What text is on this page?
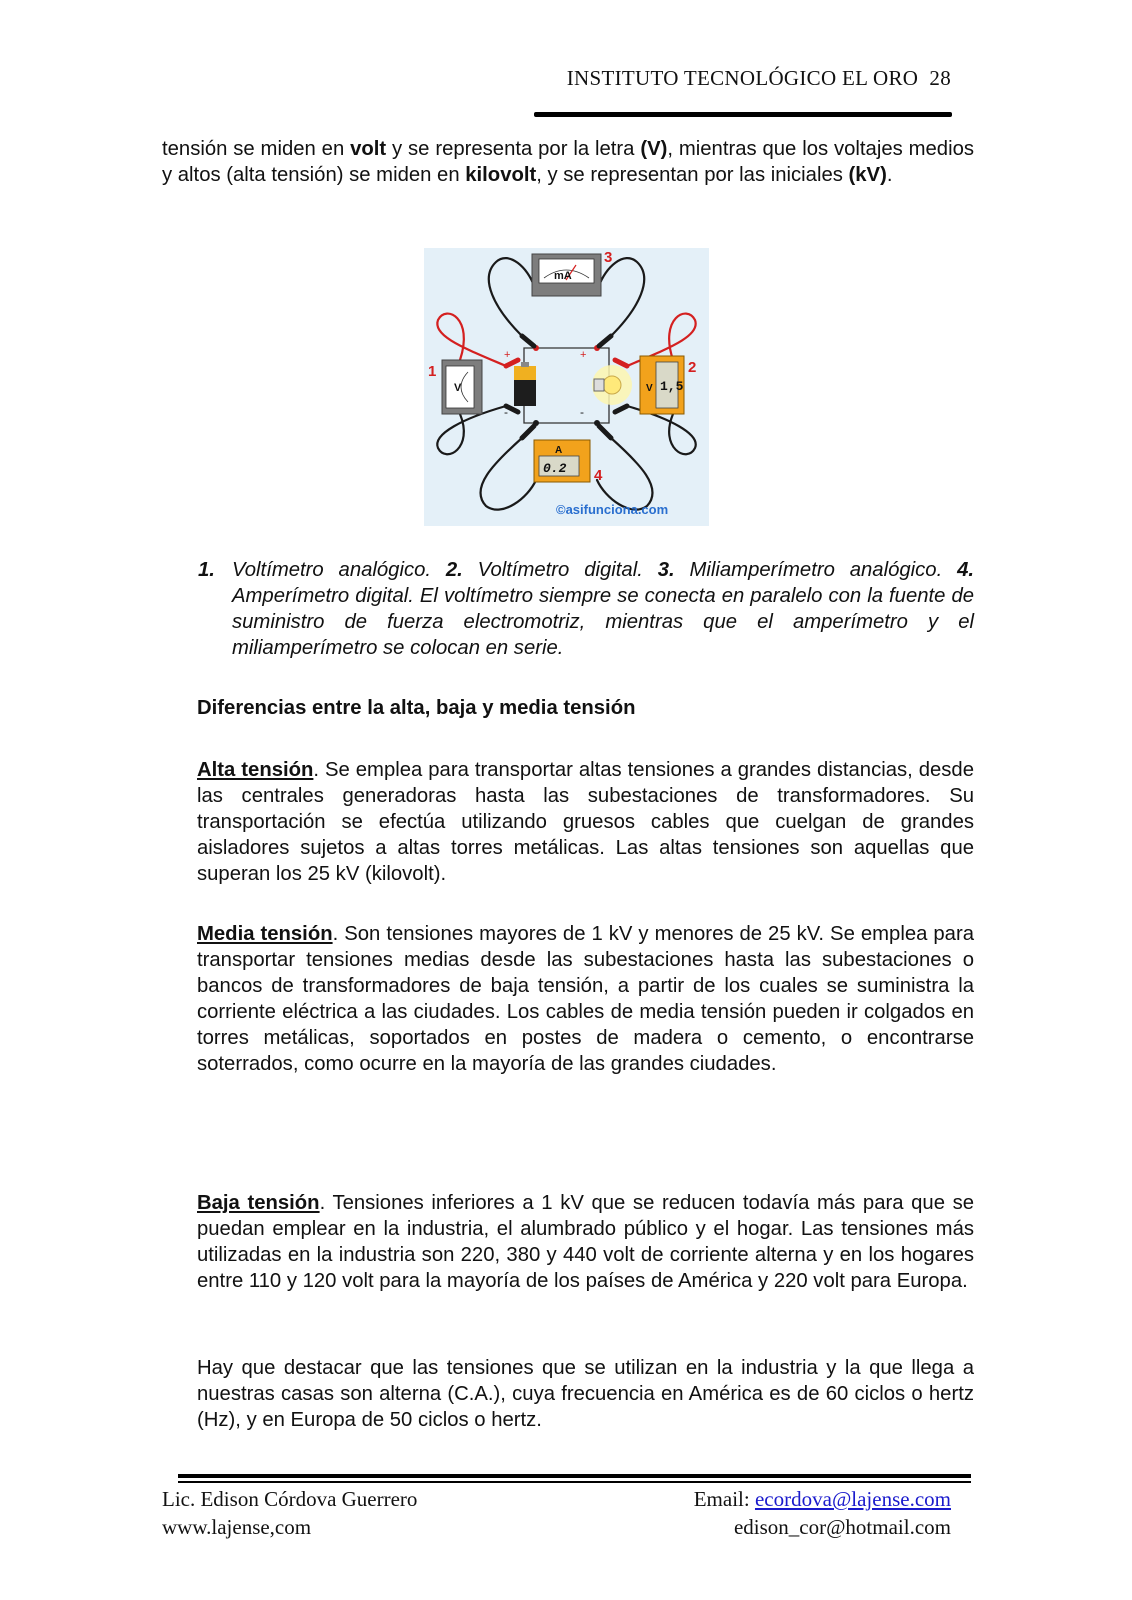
INSTITUTO TECNOLÓGICO EL ORO 28
tensión se miden en volt y se representa por la letra (V), mientras que los voltajes medios y altos (alta tensión) se miden en kilovolt, y se representan por las iniciales (kV).
+
-
+
-
mA
3
V
1
V 1,5
2
A
0.2 4
©asifunciona.com
1. Voltímetro analógico. 2. Voltímetro digital. 3. Miliamperímetro analógico. 4. Amperímetro digital. El voltímetro siempre se conecta en paralelo con la fuente de suministro de fuerza electromotriz, mientras que el amperímetro y el miliamperímetro se colocan en serie.
Diferencias entre la alta, baja y media tensión
Alta tensión. Se emplea para transportar altas tensiones a grandes distancias, desde las centrales generadoras hasta las subestaciones de transformadores. Su transportación se efectúa utilizando gruesos cables que cuelgan de grandes aisladores sujetos a altas torres metálicas. Las altas tensiones son aquellas que superan los 25 kV (kilovolt).
Media tensión. Son tensiones mayores de 1 kV y menores de 25 kV. Se emplea para transportar tensiones medias desde las subestaciones hasta las subestaciones o bancos de transformadores de baja tensión, a partir de los cuales se suministra la corriente eléctrica a las ciudades. Los cables de media tensión pueden ir colgados en torres metálicas, soportados en postes de madera o cemento, o encontrarse soterrados, como ocurre en la mayoría de las grandes ciudades.
Baja tensión. Tensiones inferiores a 1 kV que se reducen todavía más para que se puedan emplear en la industria, el alumbrado público y el hogar. Las tensiones más utilizadas en la industria son 220, 380 y 440 volt de corriente alterna y en los hogares entre 110 y 120 volt para la mayoría de los países de América y 220 volt para Europa.
Hay que destacar que las tensiones que se utilizan en la industria y la que llega a nuestras casas son alterna (C.A.), cuya frecuencia en América es de 60 ciclos o hertz (Hz), y en Europa de 50 ciclos o hertz.
Lic. Edison Córdova Guerrero
www.lajense,com
Email: ecordova@lajense.com
edison_cor@hotmail.com
